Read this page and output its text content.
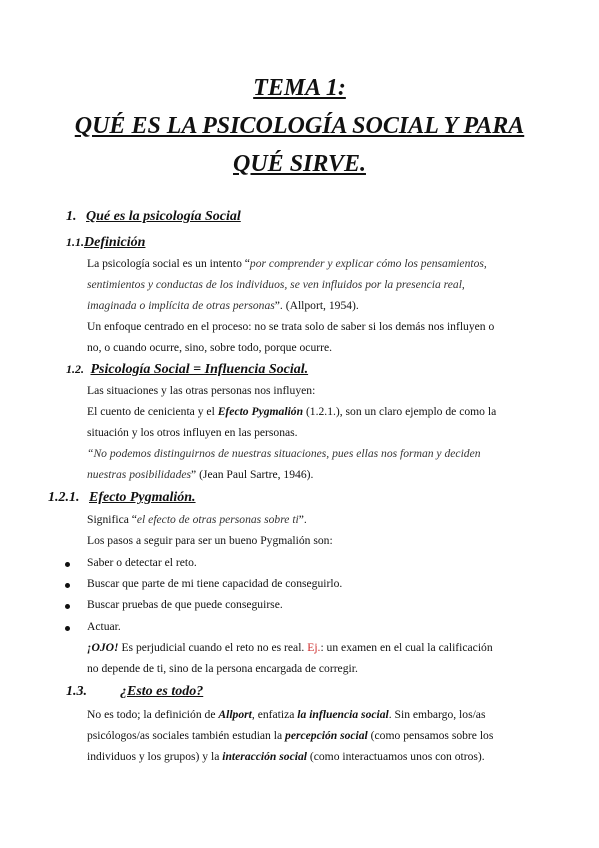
TEMA 1:
QUÉ ES LA PSICOLOGÍA SOCIAL Y PARA
QUÉ SIRVE.
1. Qué es la psicología Social
1.1.Definición
La psicología social es un intento “por comprender y explicar cómo los pensamientos,
sentimientos y conductas de los individuos, se ven influidos por la presencia real,
imaginada o implícita de otras personas”. (Allport, 1954).
Un enfoque centrado en el proceso: no se trata solo de saber si los demás nos influyen o
no, o cuando ocurre, sino, sobre todo, porque ocurre.
1.2. Psicología Social = Influencia Social.
Las situaciones y las otras personas nos influyen:
El cuento de cenicienta y el Efecto Pygmalión (1.2.1.), son un claro ejemplo de como la
situación y los otros influyen en las personas.
“No podemos distinguirnos de nuestras situaciones, pues ellas nos forman y deciden
nuestras posibilidades” (Jean Paul Sartre, 1946).
1.2.1. Efecto Pygmalión.
Significa “el efecto de otras personas sobre ti”.
Los pasos a seguir para ser un bueno Pygmalión son:
Saber o detectar el reto.
Buscar que parte de mi tiene capacidad de conseguirlo.
Buscar pruebas de que puede conseguirse.
Actuar.
¡OJO! Es perjudicial cuando el reto no es real. Ej.: un examen en el cual la calificación
no depende de ti, sino de la persona encargada de corregir.
1.3. ¿Esto es todo?
No es todo; la definición de Allport, enfatiza la influencia social. Sin embargo, los/as
psicólogos/as sociales también estudian la percepción social (como pensamos sobre los
individuos y los grupos) y la interacción social (como interactuamos unos con otros).
